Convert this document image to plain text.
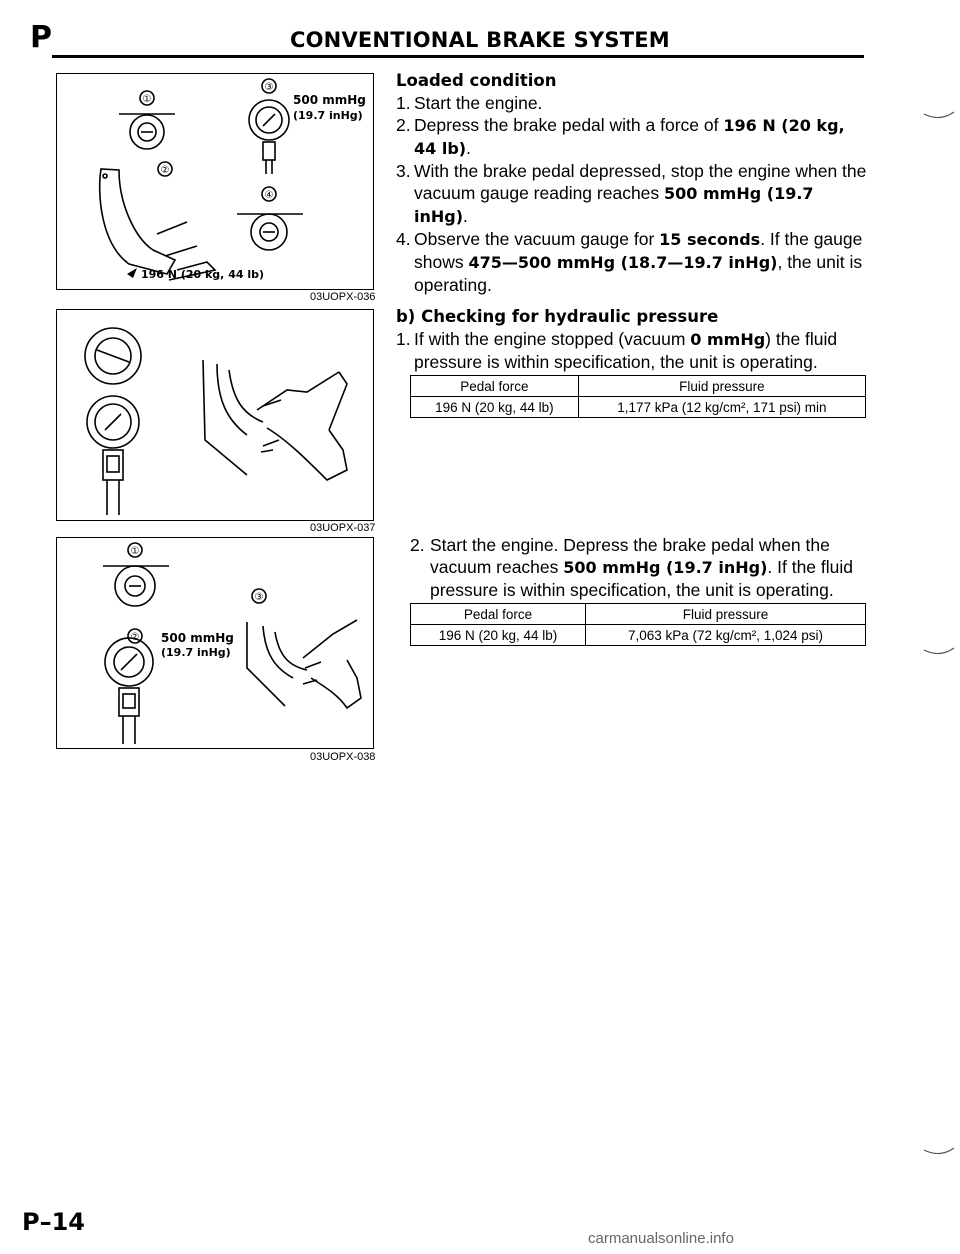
P	CONVENTIONAL BRAKE SYSTEM
①
②
③
④
500 mmHg
(19.7 inHg)
196 N (20 kg, 44 lb)
03UOPX-036
03UOPX-037
①
③
② 500 mmHg
(19.7 inHg)
03UOPX-038
Loaded condition
1. Start the engine.
2. Depress the brake pedal with a force of 196 N (20 kg, 44 lb).
3. With the brake pedal depressed, stop the engine when the vacuum gauge reading reaches 500 mmHg (19.7 inHg).
4. Observe the vacuum gauge for 15 seconds. If the gauge shows 475—500 mmHg (18.7—19.7 inHg), the unit is operating.
b) Checking for hydraulic pressure
1. If with the engine stopped (vacuum 0 mmHg) the fluid pressure is within specification, the unit is operating.
Pedal force	Fluid pressure
196 N (20 kg, 44 lb)	1,177 kPa (12 kg/cm², 171 psi) min
2. Start the engine. Depress the brake pedal when the vacuum reaches 500 mmHg (19.7 inHg). If the fluid pressure is within specification, the unit is operating.
Pedal force	Fluid pressure
196 N (20 kg, 44 lb)	7,063 kPa (72 kg/cm², 1,024 psi)
P–14
carmanualsonline.info
